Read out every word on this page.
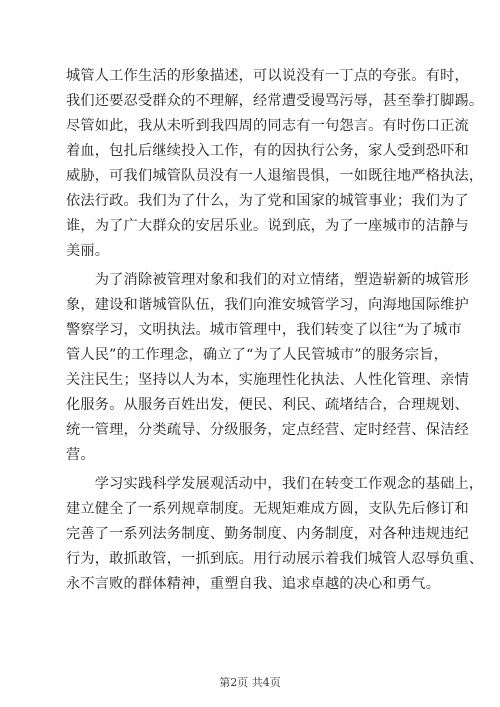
城管人工作生活的形象描述，可以说没有一丁点的夸张。有时，
我们还要忍受群众的不理解，经常遭受谩骂污辱，甚至拳打脚踢。
尽管如此，我从未听到我四周的同志有一句怨言。有时伤口正流
着血，包扎后继续投入工作，有的因执行公务，家人受到恐吓和
威胁，可我们城管队员没有一人退缩畏惧，一如既往地严格执法，
依法行政。我们为了什么，为了党和国家的城管事业；我们为了
谁，为了广大群众的安居乐业。说到底，为了一座城市的洁静与
美丽。
　　为了消除被管理对象和我们的对立情绪，塑造崭新的城管形
象，建设和谐城管队伍，我们向淮安城管学习，向海地国际维护
警察学习，文明执法。城市管理中，我们转变了以往“为了城市
管人民”的工作理念，确立了“为了人民管城市”的服务宗旨，
关注民生；坚持以人为本，实施理性化执法、人性化管理、亲情
化服务。从服务百姓出发，便民、利民、疏堵结合，合理规划、
统一管理，分类疏导、分级服务，定点经营、定时经营、保洁经
营。
　　学习实践科学发展观活动中，我们在转变工作观念的基础上，
建立健全了一系列规章制度。无规矩难成方圆，支队先后修订和
完善了一系列法务制度、勤务制度、内务制度，对各种违规违纪
行为，敢抓敢管，一抓到底。用行动展示着我们城管人忍辱负重、
永不言败的群体精神，重塑自我、追求卓越的决心和勇气。
第2页 共4页
